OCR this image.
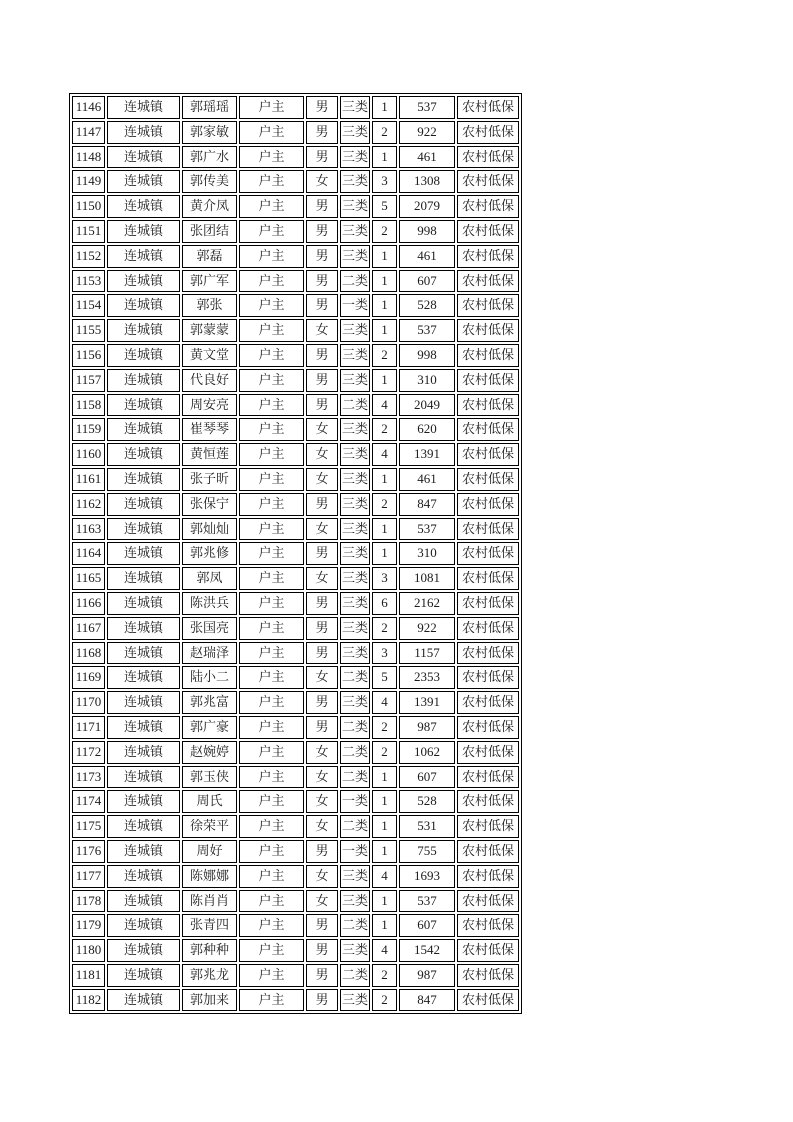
1146	连城镇	郭瑶瑶	户主	男	三类	1	537	农村低保
1147	连城镇	郭家敏	户主	男	三类	2	922	农村低保
1148	连城镇	郭广水	户主	男	三类	1	461	农村低保
1149	连城镇	郭传美	户主	女	三类	3	1308	农村低保
1150	连城镇	黄介凤	户主	男	三类	5	2079	农村低保
1151	连城镇	张团结	户主	男	三类	2	998	农村低保
1152	连城镇	郭磊	户主	男	三类	1	461	农村低保
1153	连城镇	郭广军	户主	男	二类	1	607	农村低保
1154	连城镇	郭张	户主	男	一类	1	528	农村低保
1155	连城镇	郭蒙蒙	户主	女	三类	1	537	农村低保
1156	连城镇	黄文堂	户主	男	三类	2	998	农村低保
1157	连城镇	代良好	户主	男	三类	1	310	农村低保
1158	连城镇	周安亮	户主	男	二类	4	2049	农村低保
1159	连城镇	崔琴琴	户主	女	三类	2	620	农村低保
1160	连城镇	黄恒莲	户主	女	三类	4	1391	农村低保
1161	连城镇	张子昕	户主	女	三类	1	461	农村低保
1162	连城镇	张保宁	户主	男	三类	2	847	农村低保
1163	连城镇	郭灿灿	户主	女	三类	1	537	农村低保
1164	连城镇	郭兆修	户主	男	三类	1	310	农村低保
1165	连城镇	郭凤	户主	女	三类	3	1081	农村低保
1166	连城镇	陈洪兵	户主	男	三类	6	2162	农村低保
1167	连城镇	张国亮	户主	男	三类	2	922	农村低保
1168	连城镇	赵瑞泽	户主	男	三类	3	1157	农村低保
1169	连城镇	陆小二	户主	女	二类	5	2353	农村低保
1170	连城镇	郭兆富	户主	男	三类	4	1391	农村低保
1171	连城镇	郭广豪	户主	男	二类	2	987	农村低保
1172	连城镇	赵婉婷	户主	女	二类	2	1062	农村低保
1173	连城镇	郭玉侠	户主	女	二类	1	607	农村低保
1174	连城镇	周氏	户主	女	一类	1	528	农村低保
1175	连城镇	徐荣平	户主	女	二类	1	531	农村低保
1176	连城镇	周好	户主	男	一类	1	755	农村低保
1177	连城镇	陈娜娜	户主	女	三类	4	1693	农村低保
1178	连城镇	陈肖肖	户主	女	三类	1	537	农村低保
1179	连城镇	张青四	户主	男	二类	1	607	农村低保
1180	连城镇	郭种种	户主	男	三类	4	1542	农村低保
1181	连城镇	郭兆龙	户主	男	二类	2	987	农村低保
1182	连城镇	郭加来	户主	男	三类	2	847	农村低保
